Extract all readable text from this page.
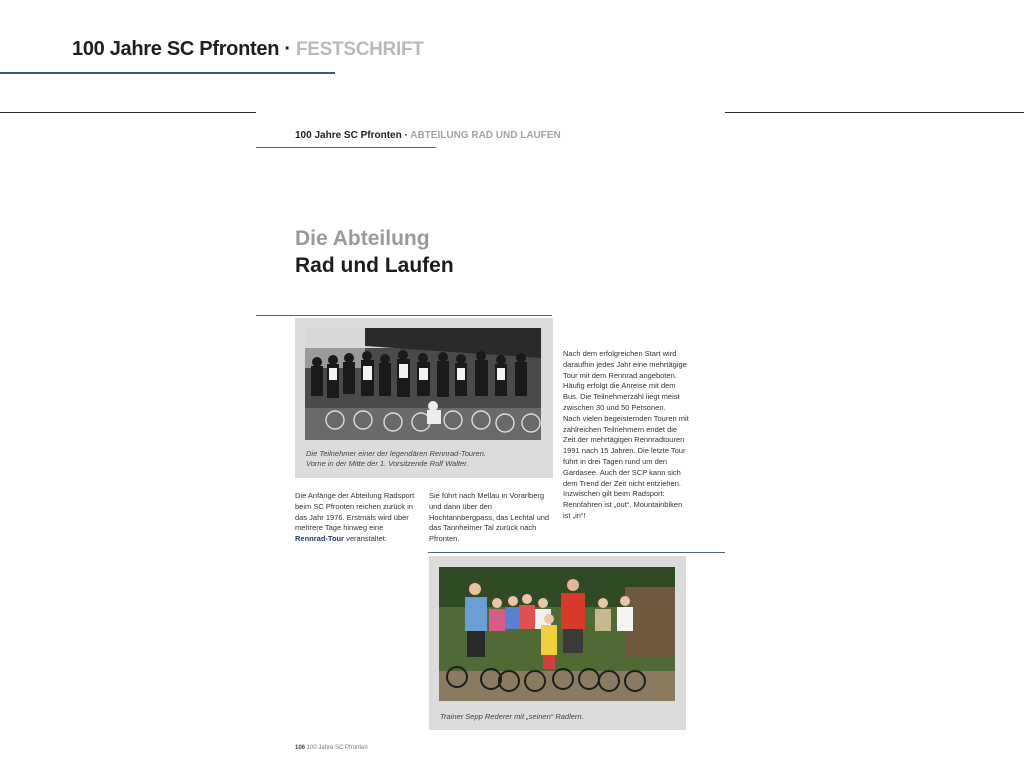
100 Jahre SC Pfronten · FESTSCHRIFT
100 Jahre SC Pfronten · ABTEILUNG RAD UND LAUFEN
Die Abteilung
Rad und Laufen
Die Teilnehmer einer der legendären Rennrad-Touren.
Vorne in der Mitte der 1. Vorsitzende Rolf Walter.
Die Anfänge der Abteilung Radsport beim SC Pfronten reichen zurück in das Jahr 1976. Erstmals wird über mehrere Tage hinweg eine Rennrad-Tour veranstaltet.
Sie führt nach Mellau in Vorarlberg und dann über den Hochtannbergpass, das Lechtal und das Tannheimer Tal zurück nach Pfronten.
Nach dem erfolgreichen Start wird daraufhin jedes Jahr eine mehrtägige Tour mit dem Rennrad angeboten. Häufig erfolgt die Anreise mit dem Bus. Die Teilnehmerzahl liegt meist zwischen 30 und 50 Personen.
Nach vielen begeisternden Touren mit zahlreichen Teilnehmern endet die Zeit der mehrtägigen Rennradtouren 1991 nach 15 Jahren. Die letzte Tour führt in drei Tagen rund um den Gardasee. Auch der SCP kann sich dem Trend der Zeit nicht entziehen. Inzwischen gilt beim Radsport: Rennfahren ist „out“, Mountainbiken ist „in“!
Trainer Sepp Rederer mit „seinen“ Radlern.
106 100 Jahre SC Pfronten
